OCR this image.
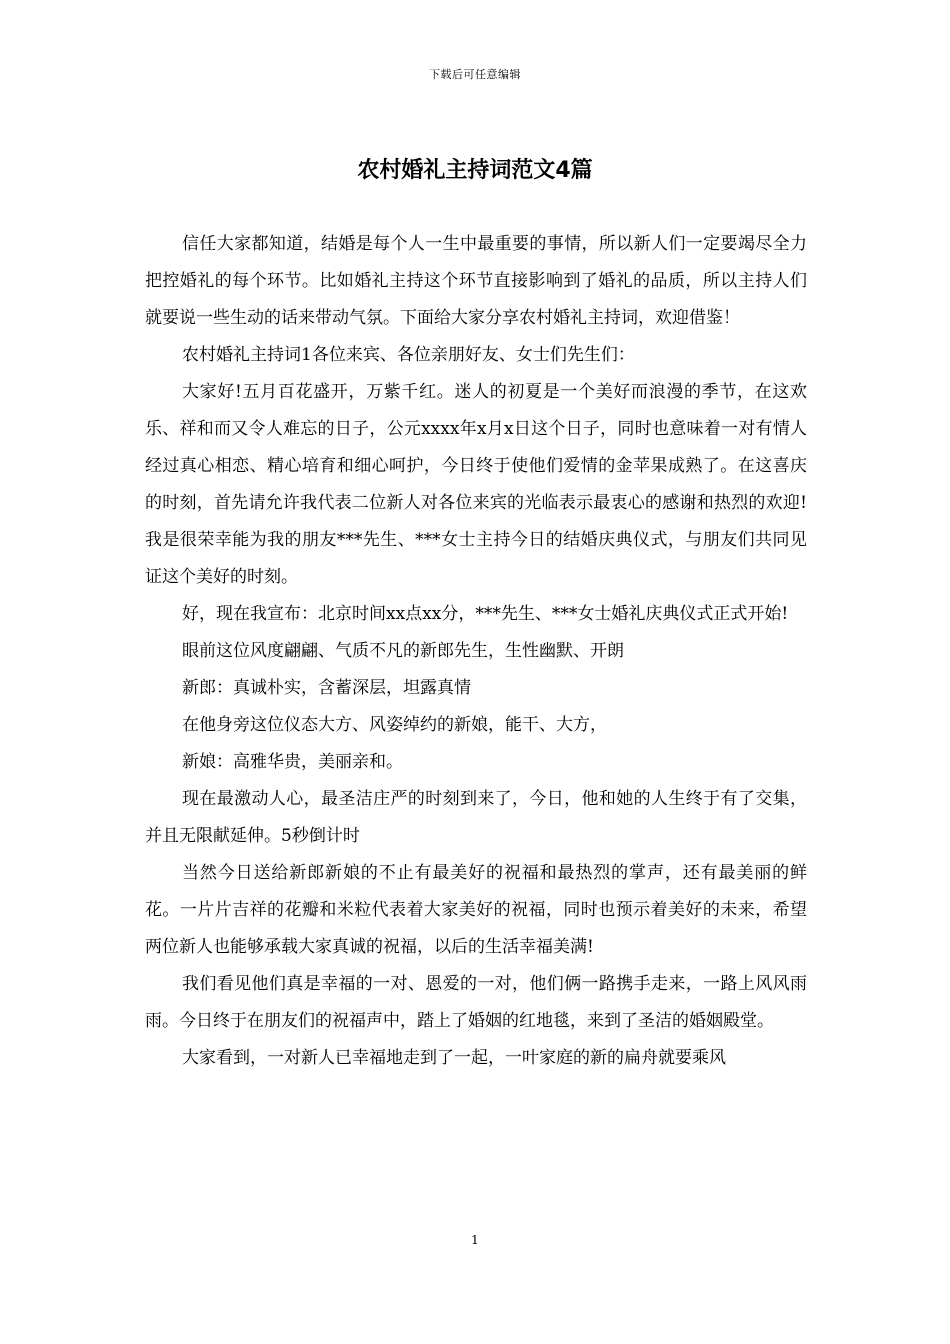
下载后可任意编辑
农村婚礼主持词范文4篇

信任大家都知道，结婚是每个人一生中最重要的事情，所以新人们一定要竭尽全力把控婚礼的每个环节。比如婚礼主持这个环节直接影响到了婚礼的品质，所以主持人们就要说一些生动的话来带动气氛。下面给大家分享农村婚礼主持词，欢迎借鉴！

农村婚礼主持词1各位来宾、各位亲朋好友、女士们先生们：

大家好!五月百花盛开，万紫千红。迷人的初夏是一个美好而浪漫的季节，在这欢乐、祥和而又令人难忘的日子，公元xxxx年x月x日这个日子，同时也意味着一对有情人经过真心相恋、精心培育和细心呵护，今日终于使他们爱情的金苹果成熟了。在这喜庆的时刻，首先请允许我代表二位新人对各位来宾的光临表示最衷心的感谢和热烈的欢迎!我是很荣幸能为我的朋友***先生、***女士主持今日的结婚庆典仪式，与朋友们共同见证这个美好的时刻。

好，现在我宣布：北京时间xx点xx分，***先生、***女士婚礼庆典仪式正式开始!

眼前这位风度翩翩、气质不凡的新郎先生，生性幽默、开朗

新郎：真诚朴实，含蓄深层，坦露真情

在他身旁这位仪态大方、风姿绰约的新娘，能干、大方，

新娘：高雅华贵，美丽亲和。

现在最激动人心，最圣洁庄严的时刻到来了，今日，他和她的人生终于有了交集，并且无限献延伸。5秒倒计时

当然今日送给新郎新娘的不止有最美好的祝福和最热烈的掌声，还有最美丽的鲜花。一片片吉祥的花瓣和米粒代表着大家美好的祝福，同时也预示着美好的未来，希望两位新人也能够承载大家真诚的祝福，以后的生活幸福美满!

我们看见他们真是幸福的一对、恩爱的一对，他们俩一路携手走来，一路上风风雨雨。今日终于在朋友们的祝福声中，踏上了婚姻的红地毯，来到了圣洁的婚姻殿堂。

大家看到，一对新人已幸福地走到了一起，一叶家庭的新的扁舟就要乘风

1
